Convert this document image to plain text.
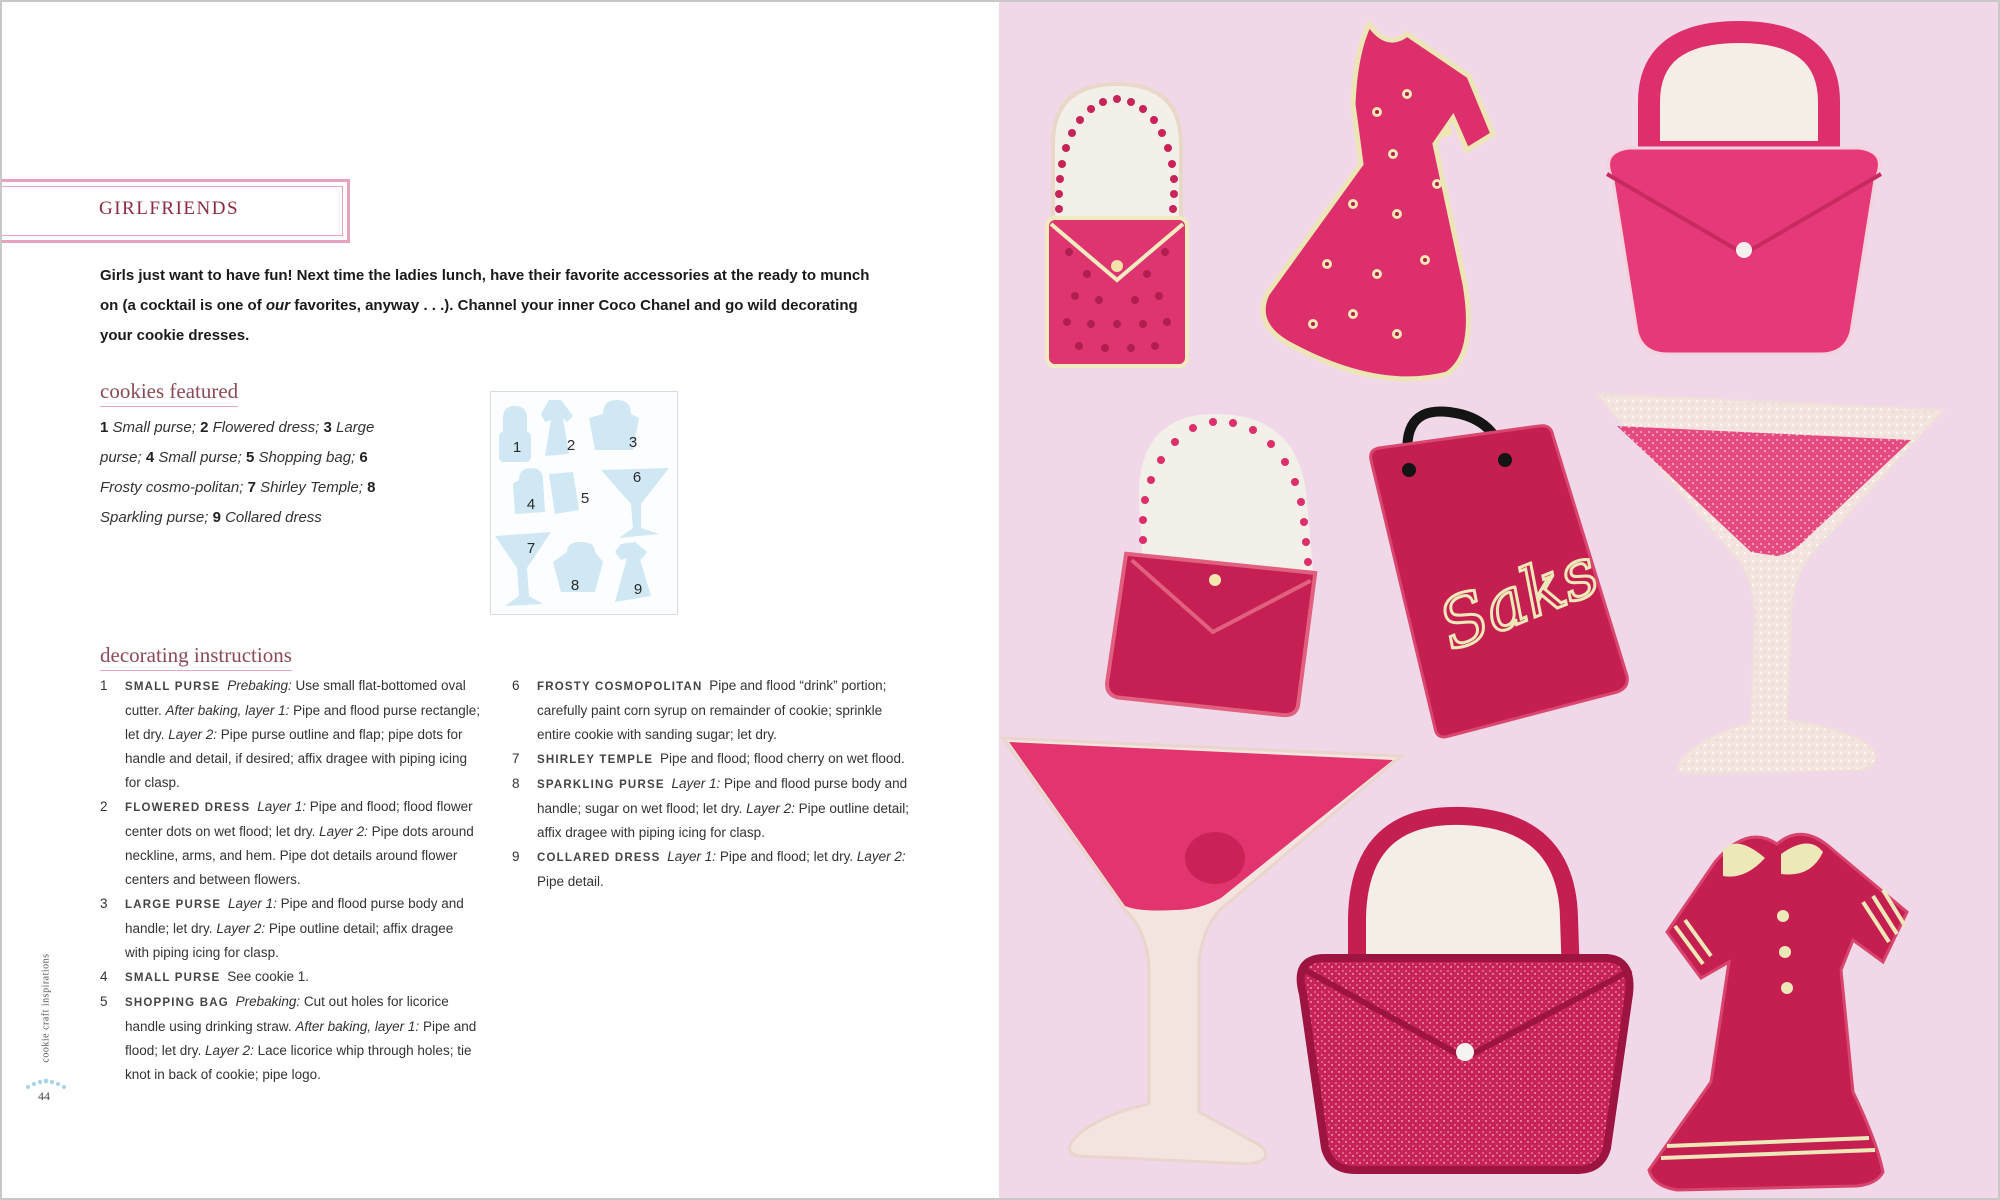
GIRLFRIENDS

Girls just want to have fun! Next time the ladies lunch, have their favorite accessories at the ready to munch on (a cocktail is one of our favorites, anyway . . .). Channel your inner Coco Chanel and go wild decorating your cookie dresses.

cookies featured
1 Small purse; 2 Flowered dress; 3 Large purse; 4 Small purse; 5 Shopping bag; 6 Frosty cosmo-politan; 7 Shirley Temple; 8 Sparkling purse; 9 Collared dress
1	2	3
4	5
6
7
8	9
decorating instructions
1	SMALL PURSE Prebaking: Use small flat-bottomed oval cutter. After baking, layer 1: Pipe and flood purse rectangle; let dry. Layer 2: Pipe purse outline and flap; pipe dots for handle and detail, if desired; affix dragee with piping icing for clasp.
2	FLOWERED DRESS Layer 1: Pipe and flood; flood flower center dots on wet flood; let dry. Layer 2: Pipe dots around neckline, arms, and hem. Pipe dot details around flower centers and between flowers.
3	LARGE PURSE Layer 1: Pipe and flood purse body and handle; let dry. Layer 2: Pipe outline detail; affix dragee with piping icing for clasp.
4	SMALL PURSE See cookie 1.
5	SHOPPING BAG Prebaking: Cut out holes for licorice handle using drinking straw. After baking, layer 1: Pipe and flood; let dry. Layer 2: Lace licorice whip through holes; tie knot in back of cookie; pipe logo.
6	FROSTY COSMOPOLITAN Pipe and flood “drink” portion; carefully paint corn syrup on remainder of cookie; sprinkle entire cookie with sanding sugar; let dry.
7	SHIRLEY TEMPLE Pipe and flood; flood cherry on wet flood.
8	SPARKLING PURSE Layer 1: Pipe and flood purse body and handle; sugar on wet flood; let dry. Layer 2: Pipe outline detail; affix dragee with piping icing for clasp.
9	COLLARED DRESS Layer 1: Pipe and flood; let dry. Layer 2: Pipe detail.
cookie craft inspirations
44
Saks
